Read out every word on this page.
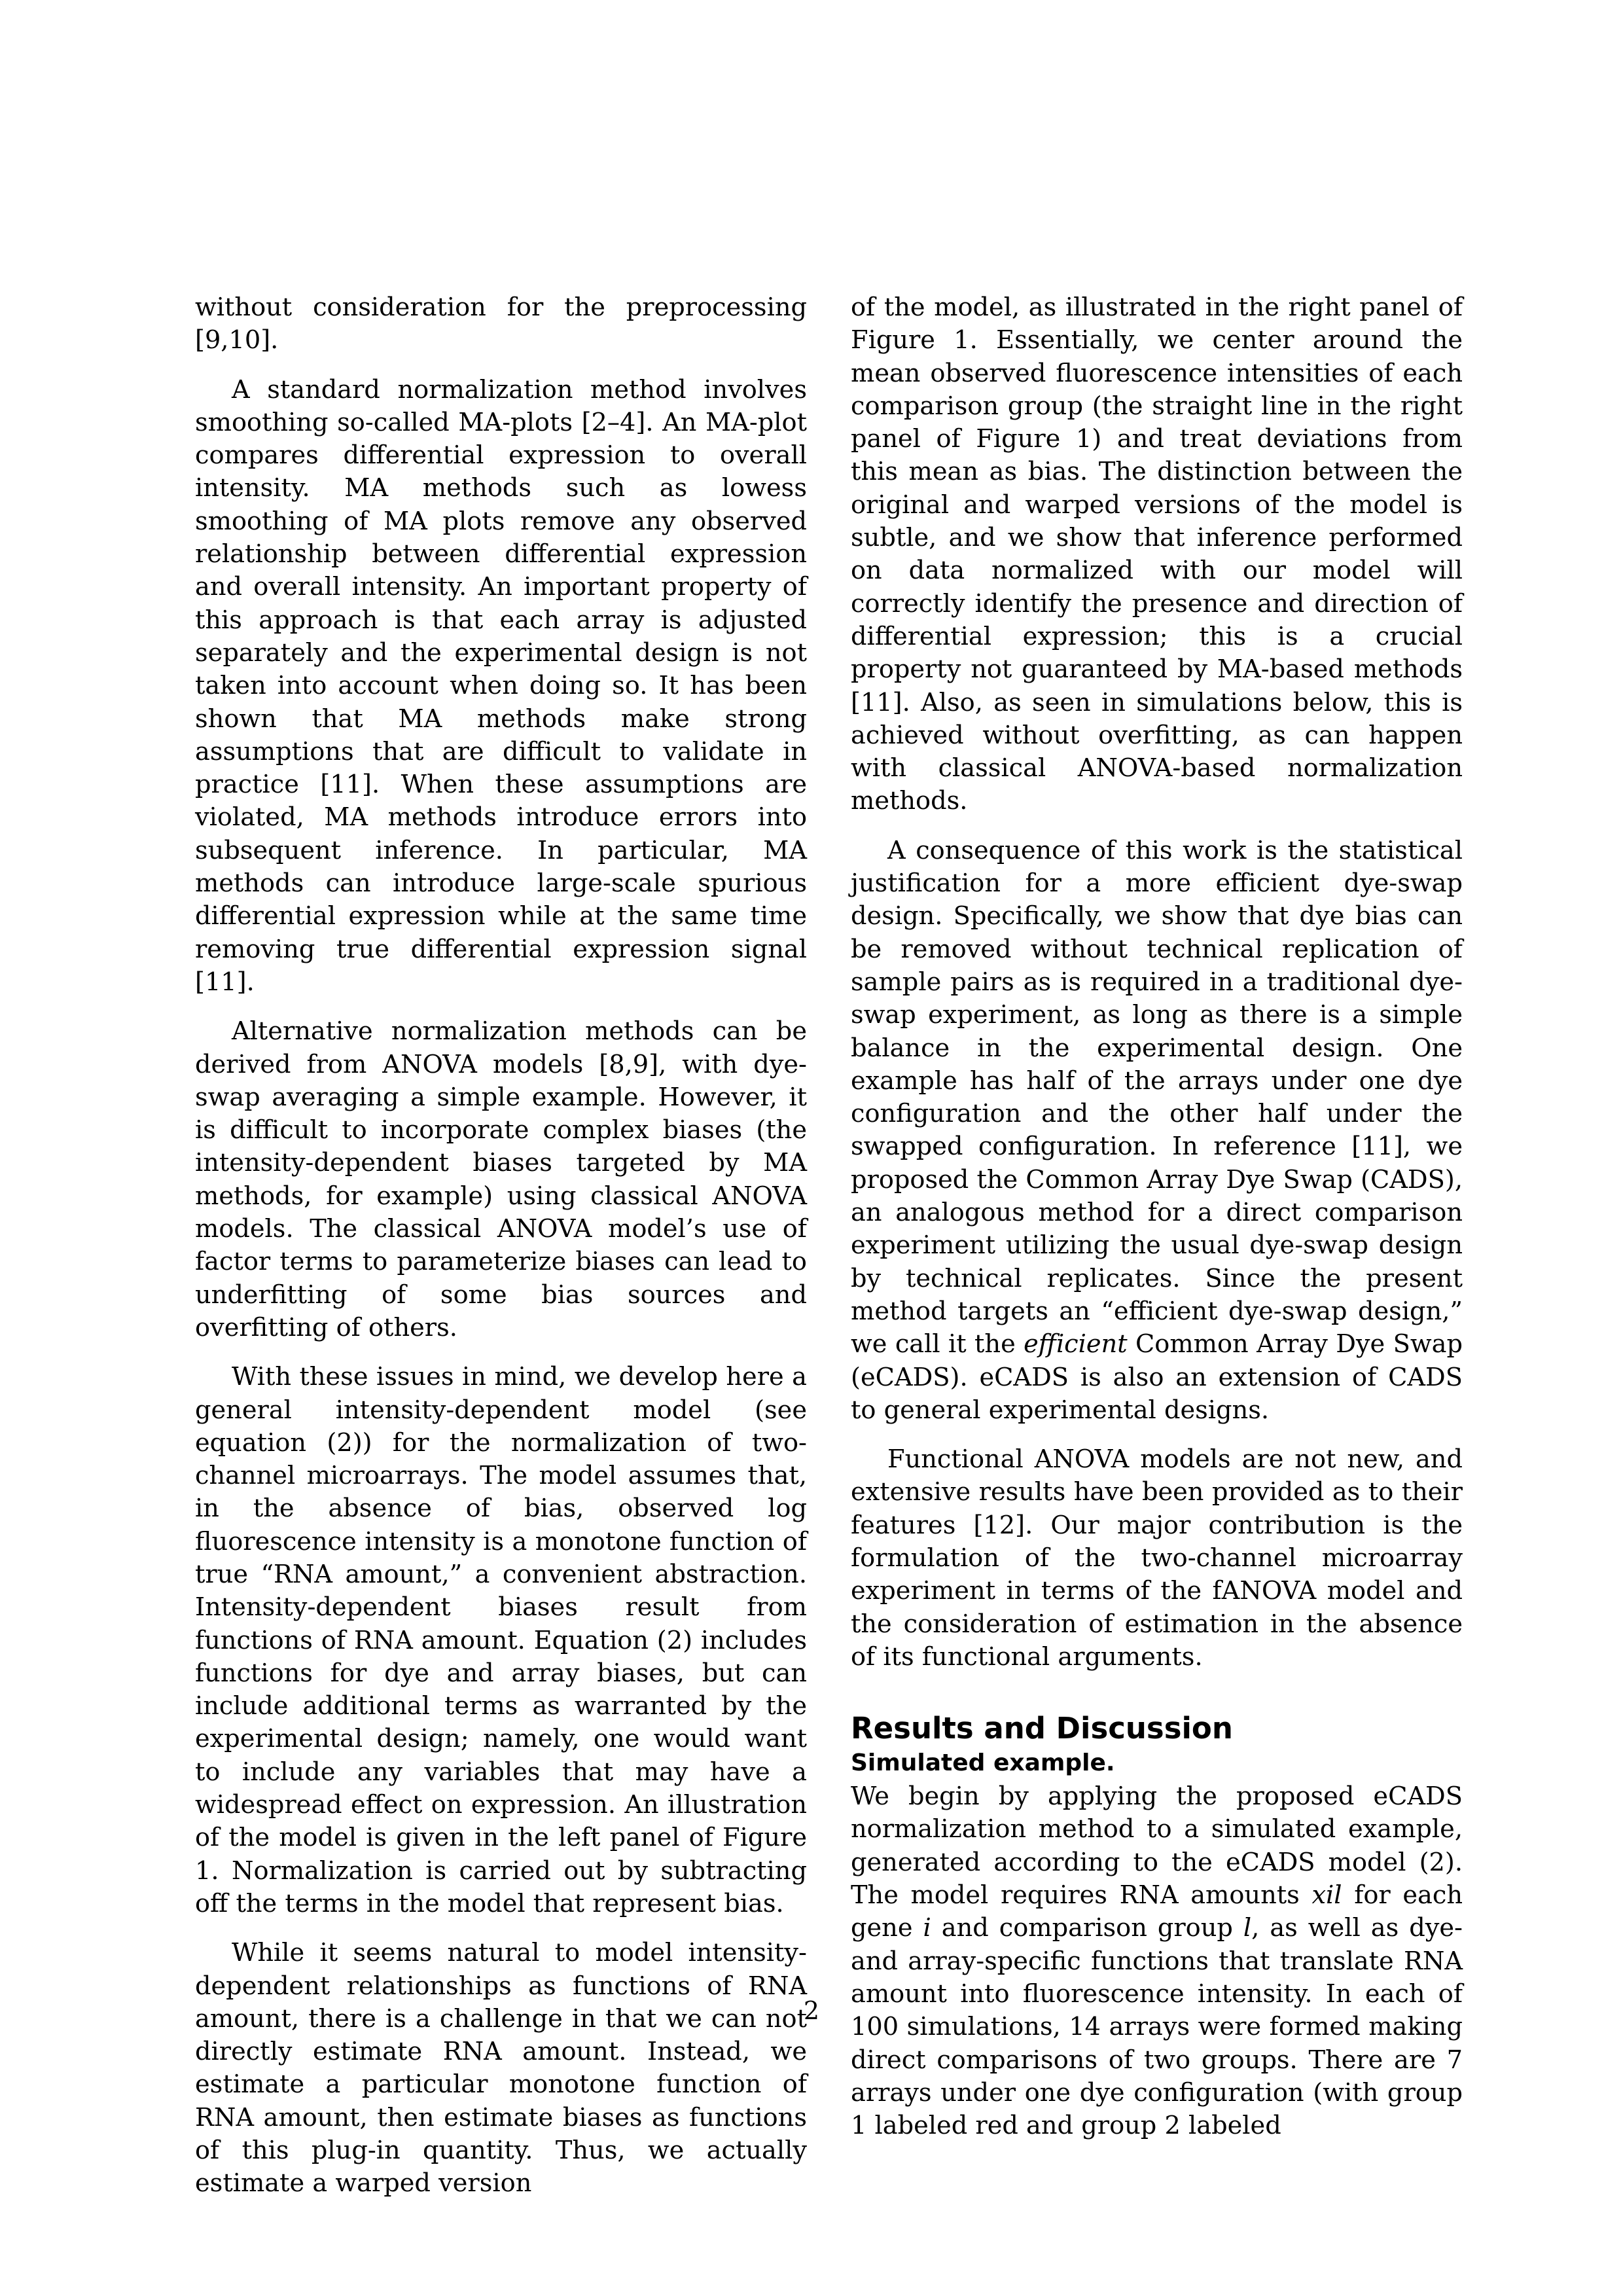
without consideration for the preprocessing [9,10].

A standard normalization method involves smoothing so-called MA-plots [2–4]. An MA-plot compares differential expression to overall intensity. MA methods such as lowess smoothing of MA plots remove any observed relationship between differential expression and overall intensity. An important property of this approach is that each array is adjusted separately and the experimental design is not taken into account when doing so. It has been shown that MA methods make strong assumptions that are difficult to validate in practice [11]. When these assumptions are violated, MA methods introduce errors into subsequent inference. In particular, MA methods can introduce large-scale spurious differential expression while at the same time removing true differential expression signal [11].

Alternative normalization methods can be derived from ANOVA models [8,9], with dye-swap averaging a simple example. However, it is difficult to incorporate complex biases (the intensity-dependent biases targeted by MA methods, for example) using classical ANOVA models. The classical ANOVA model’s use of factor terms to parameterize biases can lead to underfitting of some bias sources and overfitting of others.

With these issues in mind, we develop here a general intensity-dependent model (see equation (2)) for the normalization of two-channel microarrays. The model assumes that, in the absence of bias, observed log fluorescence intensity is a monotone function of true “RNA amount,” a convenient abstraction. Intensity-dependent biases result from functions of RNA amount. Equation (2) includes functions for dye and array biases, but can include additional terms as warranted by the experimental design; namely, one would want to include any variables that may have a widespread effect on expression. An illustration of the model is given in the left panel of Figure 1. Normalization is carried out by subtracting off the terms in the model that represent bias.

While it seems natural to model intensity-dependent relationships as functions of RNA amount, there is a challenge in that we can not directly estimate RNA amount. Instead, we estimate a particular monotone function of RNA amount, then estimate biases as functions of this plug-in quantity. Thus, we actually estimate a warped version

of the model, as illustrated in the right panel of Figure 1. Essentially, we center around the mean observed fluorescence intensities of each comparison group (the straight line in the right panel of Figure 1) and treat deviations from this mean as bias. The distinction between the original and warped versions of the model is subtle, and we show that inference performed on data normalized with our model will correctly identify the presence and direction of differential expression; this is a crucial property not guaranteed by MA-based methods [11]. Also, as seen in simulations below, this is achieved without overfitting, as can happen with classical ANOVA-based normalization methods.

A consequence of this work is the statistical justification for a more efficient dye-swap design. Specifically, we show that dye bias can be removed without technical replication of sample pairs as is required in a traditional dye-swap experiment, as long as there is a simple balance in the experimental design. One example has half of the arrays under one dye configuration and the other half under the swapped configuration. In reference [11], we proposed the Common Array Dye Swap (CADS), an analogous method for a direct comparison experiment utilizing the usual dye-swap design by technical replicates. Since the present method targets an “efficient dye-swap design,” we call it the efficient Common Array Dye Swap (eCADS). eCADS is also an extension of CADS to general experimental designs.

Functional ANOVA models are not new, and extensive results have been provided as to their features [12]. Our major contribution is the formulation of the two-channel microarray experiment in terms of the fANOVA model and the consideration of estimation in the absence of its functional arguments.

Results and Discussion
Simulated example.

We begin by applying the proposed eCADS normalization method to a simulated example, generated according to the eCADS model (2). The model requires RNA amounts xil for each gene i and comparison group l, as well as dye- and array-specific functions that translate RNA amount into fluorescence intensity. In each of 100 simulations, 14 arrays were formed making direct comparisons of two groups. There are 7 arrays under one dye configuration (with group 1 labeled red and group 2 labeled

2
